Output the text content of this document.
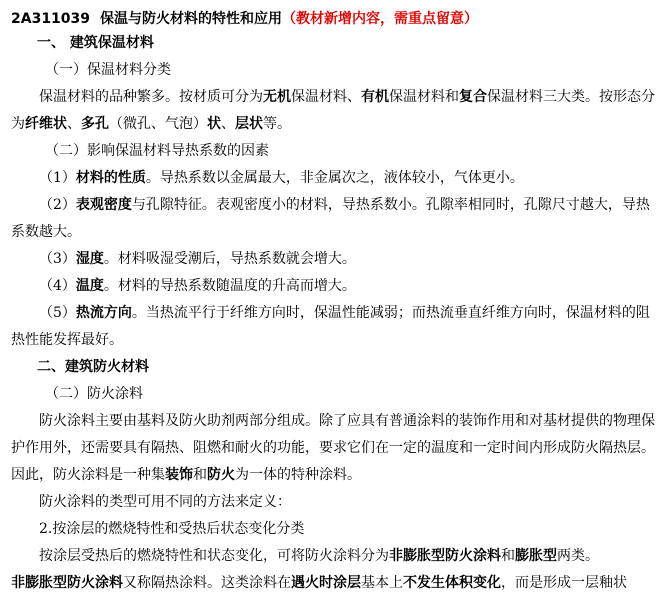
2A311039 保温与防火材料的特性和应用（教材新增内容，需重点留意）
一、 建筑保温材料
（一）保温材料分类
保温材料的品种繁多。按材质可分为无机保温材料、有机保温材料和复合保温材料三大类。按形态分为纤维状、多孔（微孔、气泡）状、层状等。
（二）影响保温材料导热系数的因素
（1）材料的性质。导热系数以金属最大，非金属次之，液体较小，气体更小。
（2）表观密度与孔隙特征。表观密度小的材料，导热系数小。孔隙率相同时，孔隙尺寸越大，导热系数越大。
（3）湿度。材料吸湿受潮后，导热系数就会增大。
（4）温度。材料的导热系数随温度的升高而增大。
（5）热流方向。当热流平行于纤维方向时，保温性能减弱；而热流垂直纤维方向时，保温材料的阻热性能发挥最好。
二、建筑防火材料
（二）防火涂料
防火涂料主要由基料及防火助剂两部分组成。除了应具有普通涂料的装饰作用和对基材提供的物理保护作用外，还需要具有隔热、阻燃和耐火的功能，要求它们在一定的温度和一定时间内形成防火隔热层。因此，防火涂料是一种集装饰和防火为一体的特种涂料。
防火涂料的类型可用不同的方法来定义：
2.按涂层的燃烧特性和受热后状态变化分类
按涂层受热后的燃烧特性和状态变化，可将防火涂料分为非膨胀型防火涂料和膨胀型两类。
非膨胀型防火涂料又称隔热涂料。这类涂料在遇火时涂层基本上不发生体积变化，而是形成一层釉状
